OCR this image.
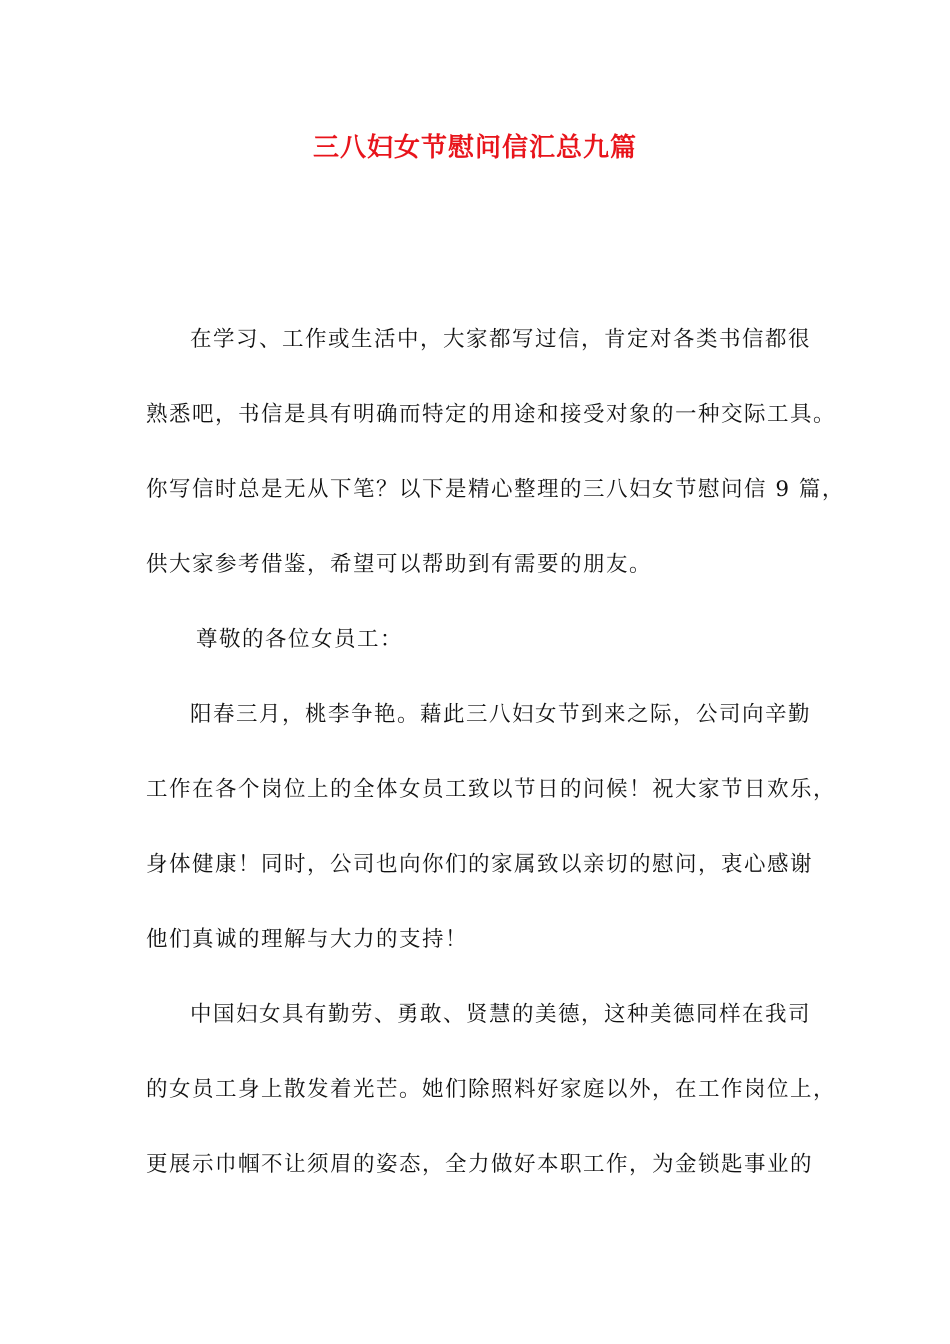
三八妇女节慰问信汇总九篇
在学习、工作或生活中，大家都写过信，肯定对各类书信都很
熟悉吧，书信是具有明确而特定的用途和接受对象的一种交际工具。
你写信时总是无从下笔？以下是精心整理的三八妇女节慰问信 9 篇，
供大家参考借鉴，希望可以帮助到有需要的朋友。
尊敬的各位女员工：
阳春三月，桃李争艳。藉此三八妇女节到来之际，公司向辛勤
工作在各个岗位上的全体女员工致以节日的问候！祝大家节日欢乐，
身体健康！同时，公司也向你们的家属致以亲切的慰问，衷心感谢
他们真诚的理解与大力的支持！
中国妇女具有勤劳、勇敢、贤慧的美德，这种美德同样在我司
的女员工身上散发着光芒。她们除照料好家庭以外，在工作岗位上，
更展示巾帼不让须眉的姿态，全力做好本职工作，为金锁匙事业的
